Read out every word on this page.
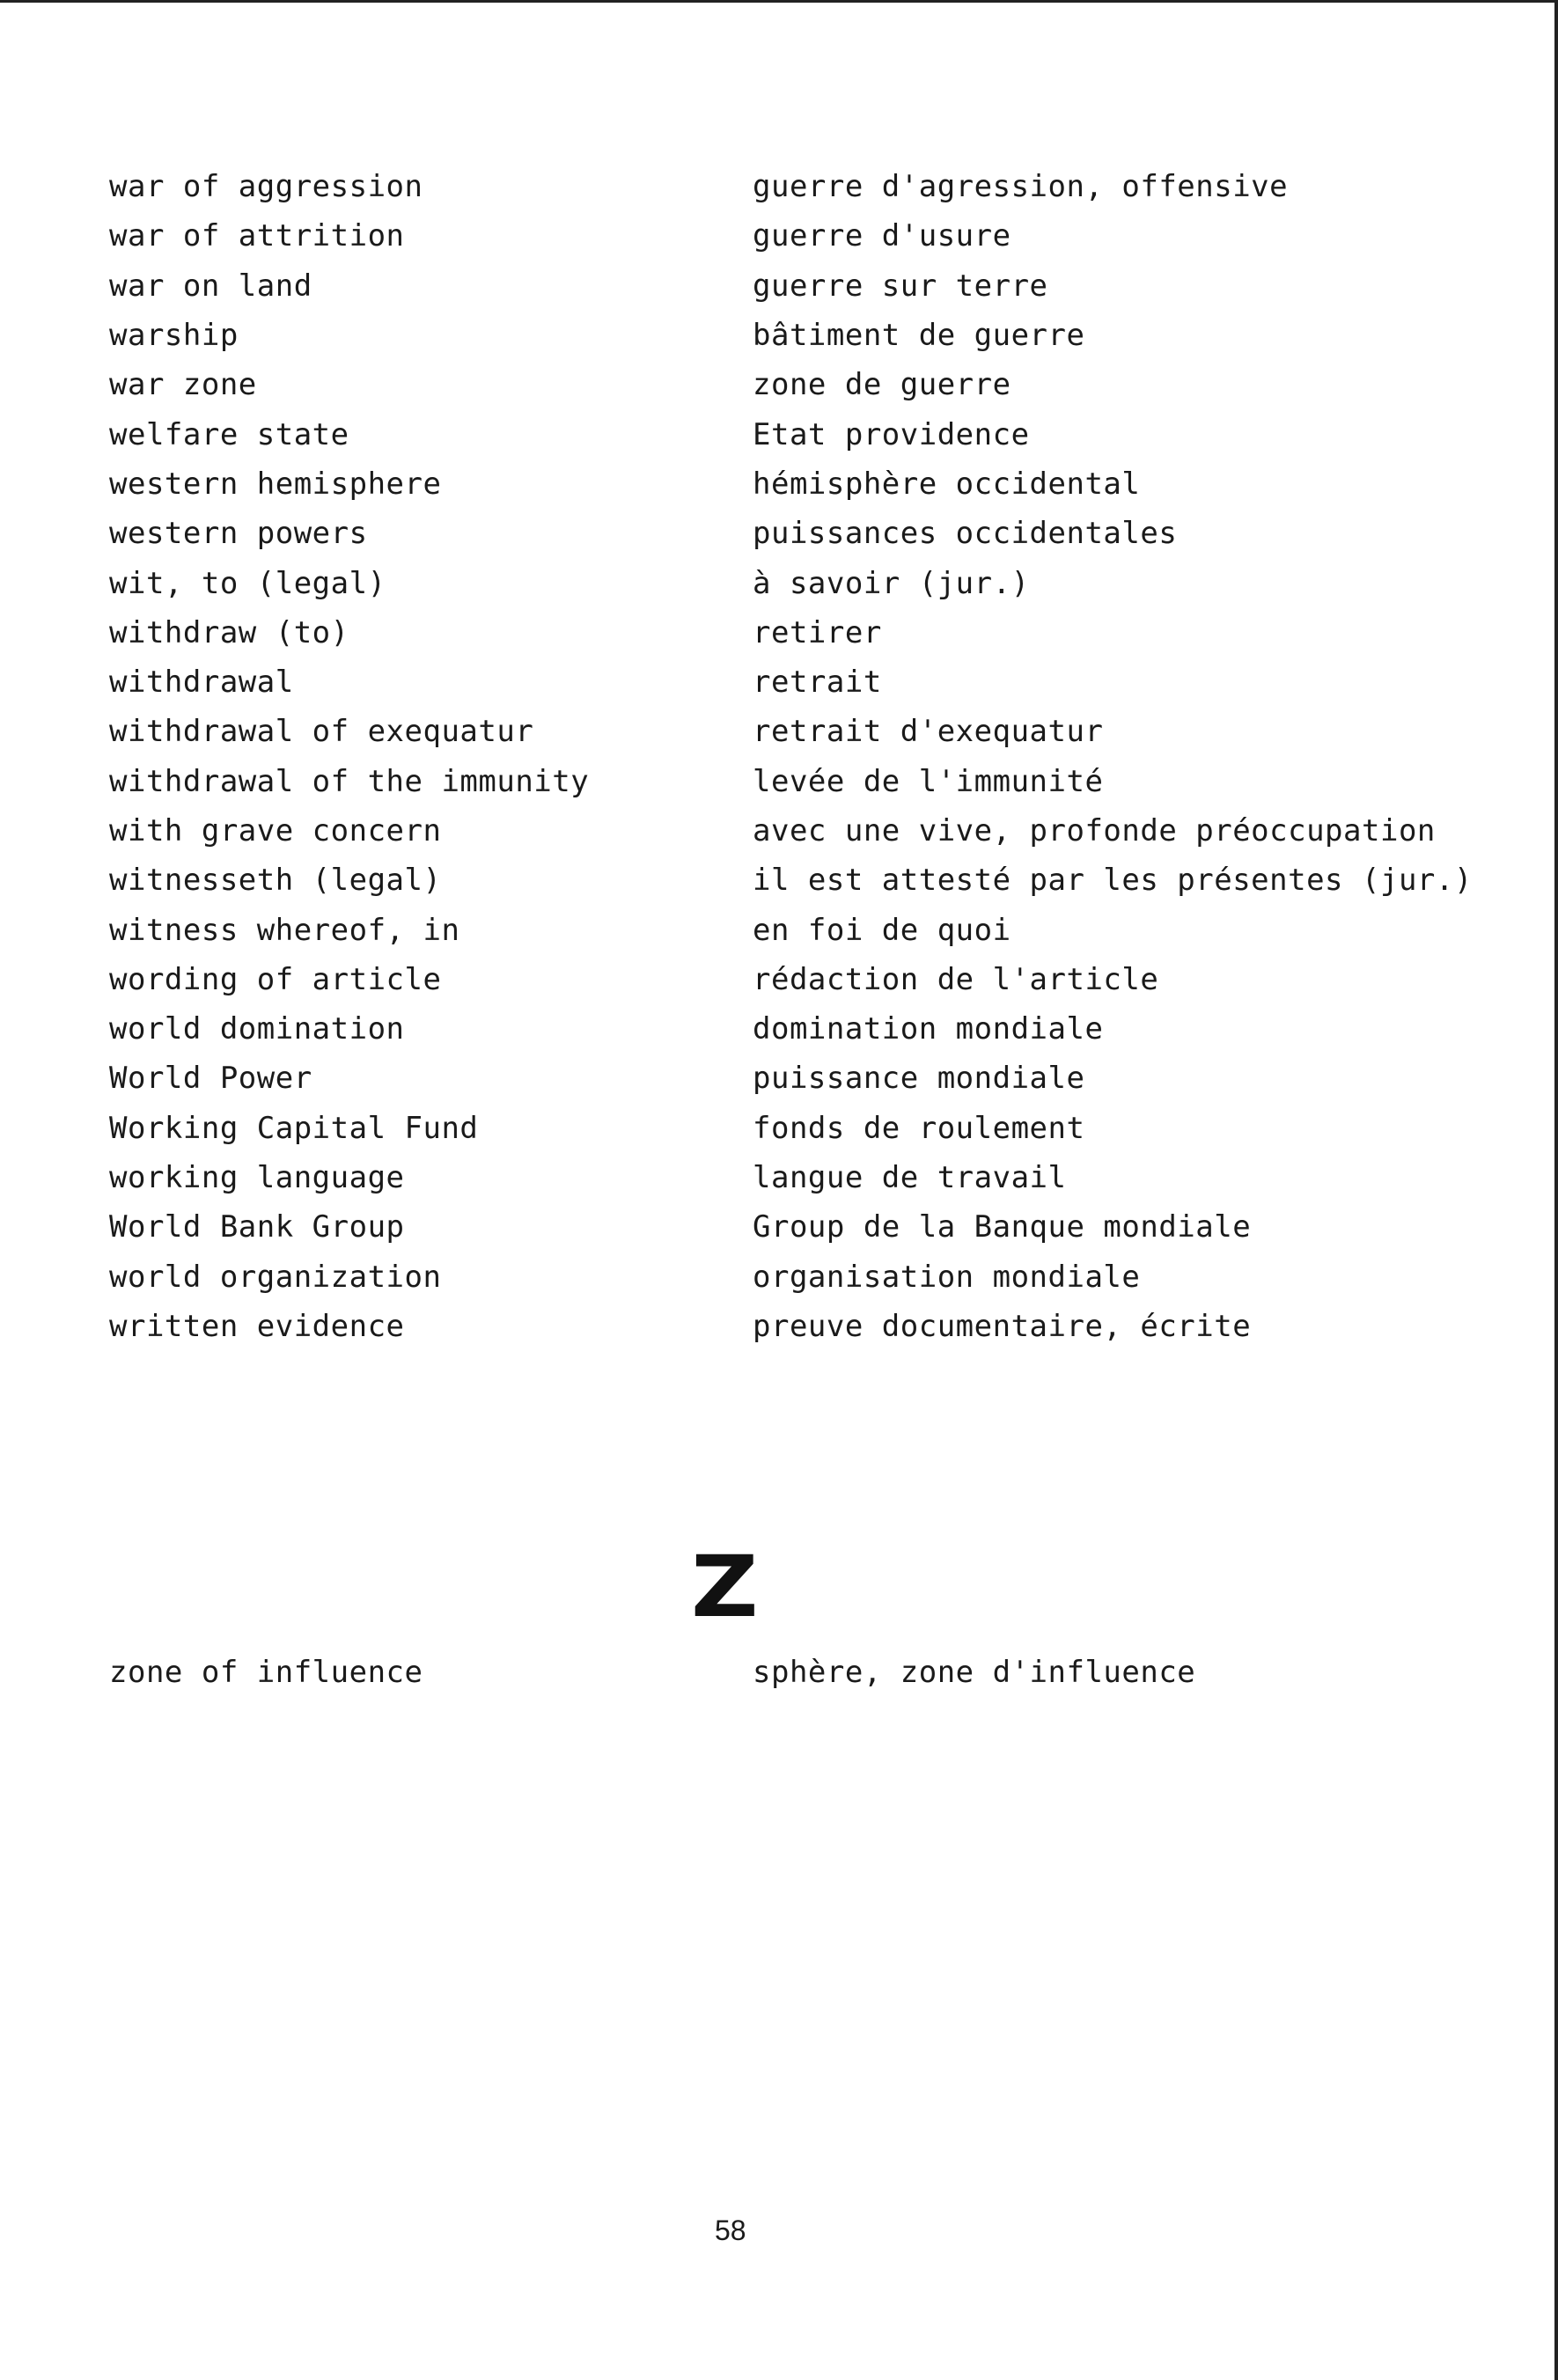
war of aggression	guerre d'agression, offensive
war of attrition	guerre d'usure
war on land	guerre sur terre
warship	bâtiment de guerre
war zone	zone de guerre
welfare state	Etat providence
western hemisphere	hémisphère occidental
western powers	puissances occidentales
wit, to (legal)	à savoir (jur.)
withdraw (to)	retirer
withdrawal	retrait
withdrawal of exequatur	retrait d'exequatur
withdrawal of the immunity	levée de l'immunité
with grave concern	avec une vive, profonde préoccupation
witnesseth (legal)	il est attesté par les présentes (jur.)
witness whereof, in	en foi de quoi
wording of article	rédaction de l'article
world domination	domination mondiale
World Power	puissance mondiale
Working Capital Fund	fonds de roulement
working language	langue de travail
World Bank Group	Group de la Banque mondiale
world organization	organisation mondiale
written evidence	preuve documentaire, écrite
Z
zone of influence	sphère, zone d'influence
58
